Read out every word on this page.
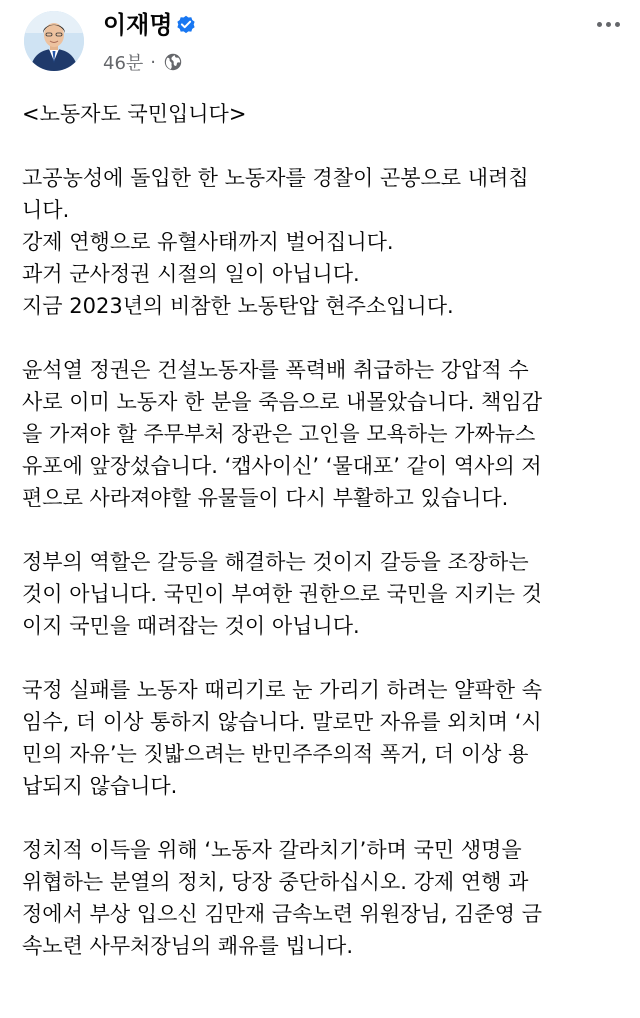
이재명
46분 ·
<노동자도 국민입니다>
고공농성에 돌입한 한 노동자를 경찰이 곤봉으로 내려칩
니다.
강제 연행으로 유혈사태까지 벌어집니다.
과거 군사정권 시절의 일이 아닙니다.
지금 2023년의 비참한 노동탄압 현주소입니다.
윤석열 정권은 건설노동자를 폭력배 취급하는 강압적 수
사로 이미 노동자 한 분을 죽음으로 내몰았습니다. 책임감
을 가져야 할 주무부처 장관은 고인을 모욕하는 가짜뉴스
유포에 앞장섰습니다. ‘캡사이신’ ‘물대포’ 같이 역사의 저
편으로 사라져야할 유물들이 다시 부활하고 있습니다.
정부의 역할은 갈등을 해결하는 것이지 갈등을 조장하는
것이 아닙니다. 국민이 부여한 권한으로 국민을 지키는 것
이지 국민을 때려잡는 것이 아닙니다.
국정 실패를 노동자 때리기로 눈 가리기 하려는 얄팍한 속
임수, 더 이상 통하지 않습니다. 말로만 자유를 외치며 ‘시
민의 자유’는 짓밟으려는 반민주주의적 폭거, 더 이상 용
납되지 않습니다.
정치적 이득을 위해 ‘노동자 갈라치기’하며 국민 생명을
위협하는 분열의 정치, 당장 중단하십시오. 강제 연행 과
정에서 부상 입으신 김만재 금속노련 위원장님, 김준영 금
속노련 사무처장님의 쾌유를 빕니다.
